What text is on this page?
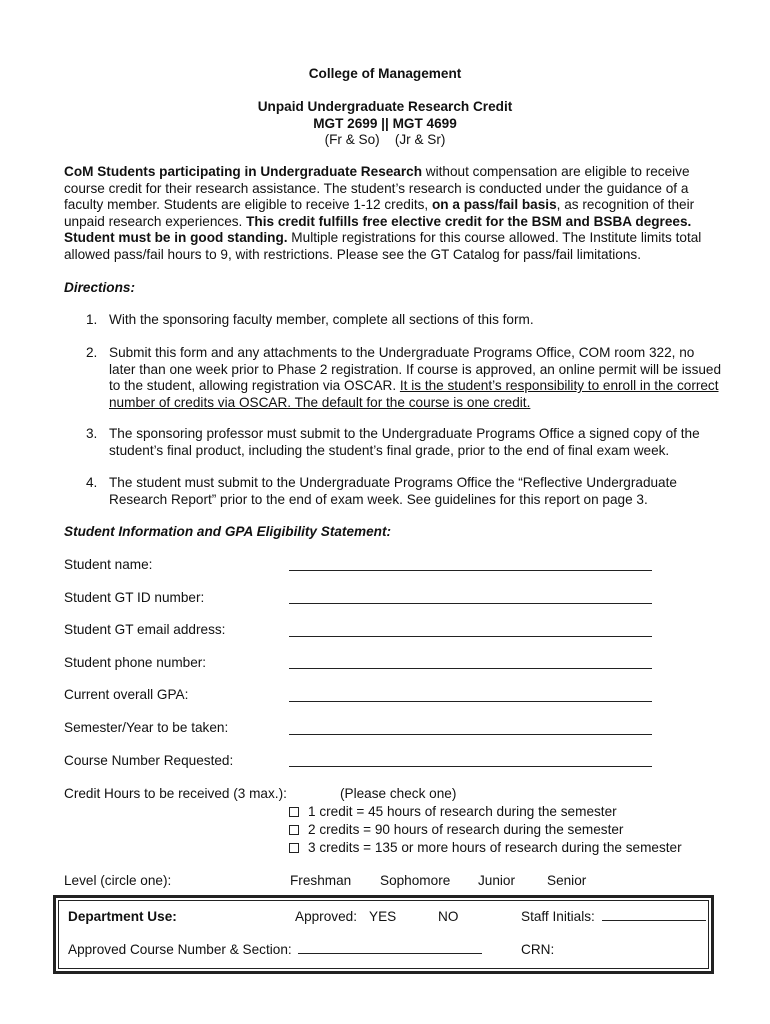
College of Management
Unpaid Undergraduate Research Credit
MGT 2699 || MGT 4699
(Fr & So)    (Jr & Sr)
CoM Students participating in Undergraduate Research without compensation are eligible to receive course credit for their research assistance. The student’s research is conducted under the guidance of a faculty member. Students are eligible to receive 1-12 credits, on a pass/fail basis, as recognition of their unpaid research experiences. This credit fulfills free elective credit for the BSM and BSBA degrees. Student must be in good standing. Multiple registrations for this course allowed. The Institute limits total allowed pass/fail hours to 9, with restrictions. Please see the GT Catalog for pass/fail limitations.
Directions:
1. With the sponsoring faculty member, complete all sections of this form.
2. Submit this form and any attachments to the Undergraduate Programs Office, COM room 322, no later than one week prior to Phase 2 registration. If course is approved, an online permit will be issued to the student, allowing registration via OSCAR. It is the student’s responsibility to enroll in the correct number of credits via OSCAR. The default for the course is one credit.
3. The sponsoring professor must submit to the Undergraduate Programs Office a signed copy of the student’s final product, including the student’s final grade, prior to the end of final exam week.
4. The student must submit to the Undergraduate Programs Office the “Reflective Undergraduate Research Report” prior to the end of exam week. See guidelines for this report on page 3.
Student Information and GPA Eligibility Statement:
Student name:
Student GT ID number:
Student GT email address:
Student phone number:
Current overall GPA:
Semester/Year to be taken:
Course Number Requested:
Credit Hours to be received (3 max.):	(Please check one)
1 credit = 45 hours of research during the semester
2 credits = 90 hours of research during the semester
3 credits = 135 or more hours of research during the semester
Level (circle one):	Freshman Sophomore Junior Senior
Department Use:	Approved: YES	NO	Staff Initials:
Approved Course Number & Section:	CRN:
